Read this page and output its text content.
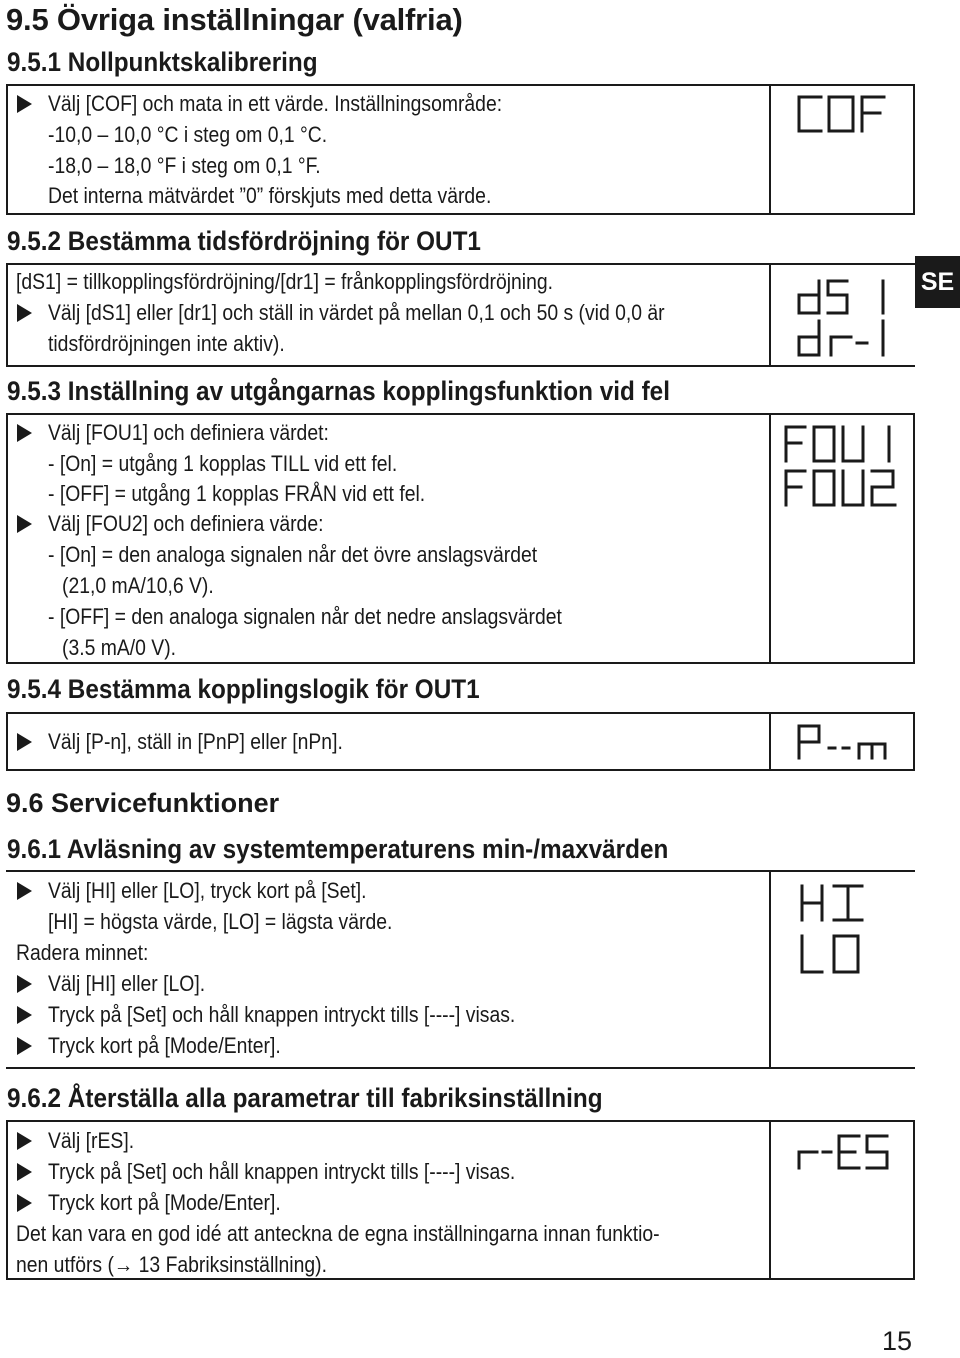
9.5 Övriga inställningar (valfria)
9.5.1 Nollpunktskalibrering
Välj [COF] och mata in ett värde. Inställningsområde:
-10,0 – 10,0 °C i steg om 0,1 °C.
-18,0 – 18,0 °F i steg om 0,1 °F.
Det interna mätvärdet ”0” förskjuts med detta värde.
9.5.2 Bestämma tidsfördröjning för OUT1
[dS1] = tillkopplingsfördröjning/[dr1] = frånkopplingsfördröjning.
Välj [dS1] eller [dr1] och ställ in värdet på mellan 0,1 och 50 s (vid 0,0 är
tidsfördröjningen inte aktiv).
9.5.3 Inställning av utgångarnas kopplingsfunktion vid fel
Välj [FOU1] och definiera värdet:
- [On] = utgång 1 kopplas TILL vid ett fel.
- [OFF] = utgång 1 kopplas FRÅN vid ett fel.
Välj [FOU2] och definiera värde:
- [On] = den analoga signalen når det övre anslagsvärdet
(21,0 mA/10,6 V).
- [OFF] = den analoga signalen når det nedre anslagsvärdet
(3.5 mA/0 V).
9.5.4 Bestämma kopplingslogik för OUT1
Välj [P-n], ställ in [PnP] eller [nPn].
9.6 Servicefunktioner
9.6.1 Avläsning av systemtemperaturens min-/maxvärden
Välj [HI] eller [LO], tryck kort på [Set].
[HI] = högsta värde, [LO] = lägsta värde.
Radera minnet:
Välj [HI] eller [LO].
Tryck på [Set] och håll knappen intryckt tills [----] visas.
Tryck kort på [Mode/Enter].
9.6.2 Återställa alla parametrar till fabriksinställning
Välj [rES].
Tryck på [Set] och håll knappen intryckt tills [----] visas.
Tryck kort på [Mode/Enter].
Det kan vara en god idé att anteckna de egna inställningarna innan funktio-
nen utförs (→ 13 Fabriksinställning).
SE
15
